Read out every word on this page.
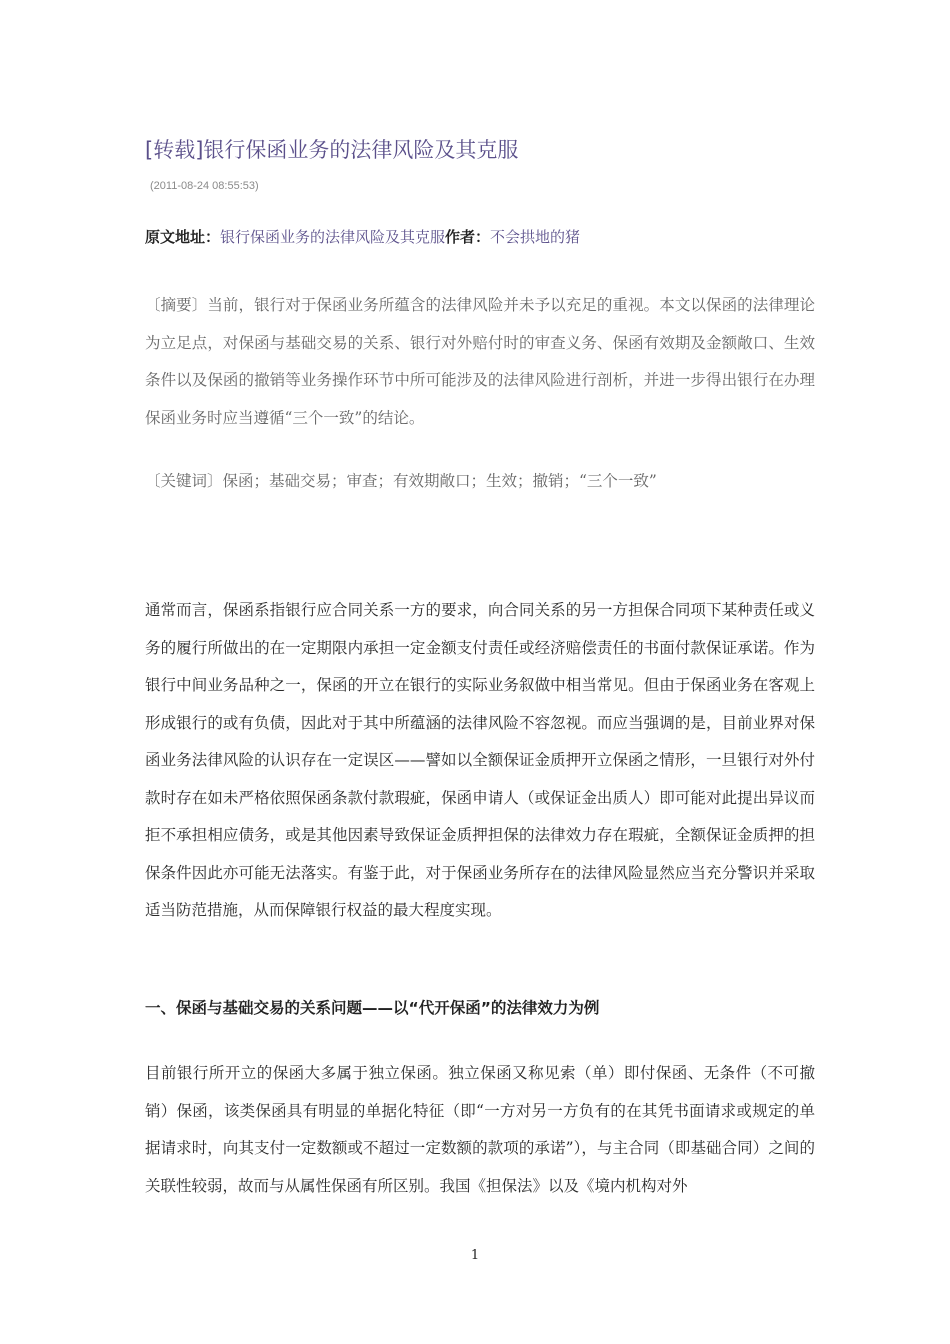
[转载]银行保函业务的法律风险及其克服
(2011-08-24 08:55:53)
原文地址：银行保函业务的法律风险及其克服作者：不会拱地的猪

〔摘要〕当前，银行对于保函业务所蕴含的法律风险并未予以充足的重视。本文以保函的法律理论为立足点，对保函与基础交易的关系、银行对外赔付时的审查义务、保函有效期及金额敞口、生效条件以及保函的撤销等业务操作环节中所可能涉及的法律风险进行剖析，并进一步得出银行在办理保函业务时应当遵循“三个一致”的结论。

〔关键词〕保函；基础交易；审查；有效期敞口；生效；撤销；“三个一致”

通常而言，保函系指银行应合同关系一方的要求，向合同关系的另一方担保合同项下某种责任或义务的履行所做出的在一定期限内承担一定金额支付责任或经济赔偿责任的书面付款保证承诺。作为银行中间业务品种之一，保函的开立在银行的实际业务叙做中相当常见。但由于保函业务在客观上形成银行的或有负债，因此对于其中所蕴涵的法律风险不容忽视。而应当强调的是，目前业界对保函业务法律风险的认识存在一定误区——譬如以全额保证金质押开立保函之情形，一旦银行对外付款时存在如未严格依照保函条款付款瑕疵，保函申请人（或保证金出质人）即可能对此提出异议而拒不承担相应债务，或是其他因素导致保证金质押担保的法律效力存在瑕疵，全额保证金质押的担保条件因此亦可能无法落实。有鉴于此，对于保函业务所存在的法律风险显然应当充分警识并采取适当防范措施，从而保障银行权益的最大程度实现。

一、保函与基础交易的关系问题——以“代开保函”的法律效力为例

目前银行所开立的保函大多属于独立保函。独立保函又称见索（单）即付保函、无条件（不可撤销）保函，该类保函具有明显的单据化特征（即“一方对另一方负有的在其凭书面请求或规定的单据请求时，向其支付一定数额或不超过一定数额的款项的承诺”），与主合同（即基础合同）之间的关联性较弱，故而与从属性保函有所区别。我国《担保法》以及《境内机构对外

1
